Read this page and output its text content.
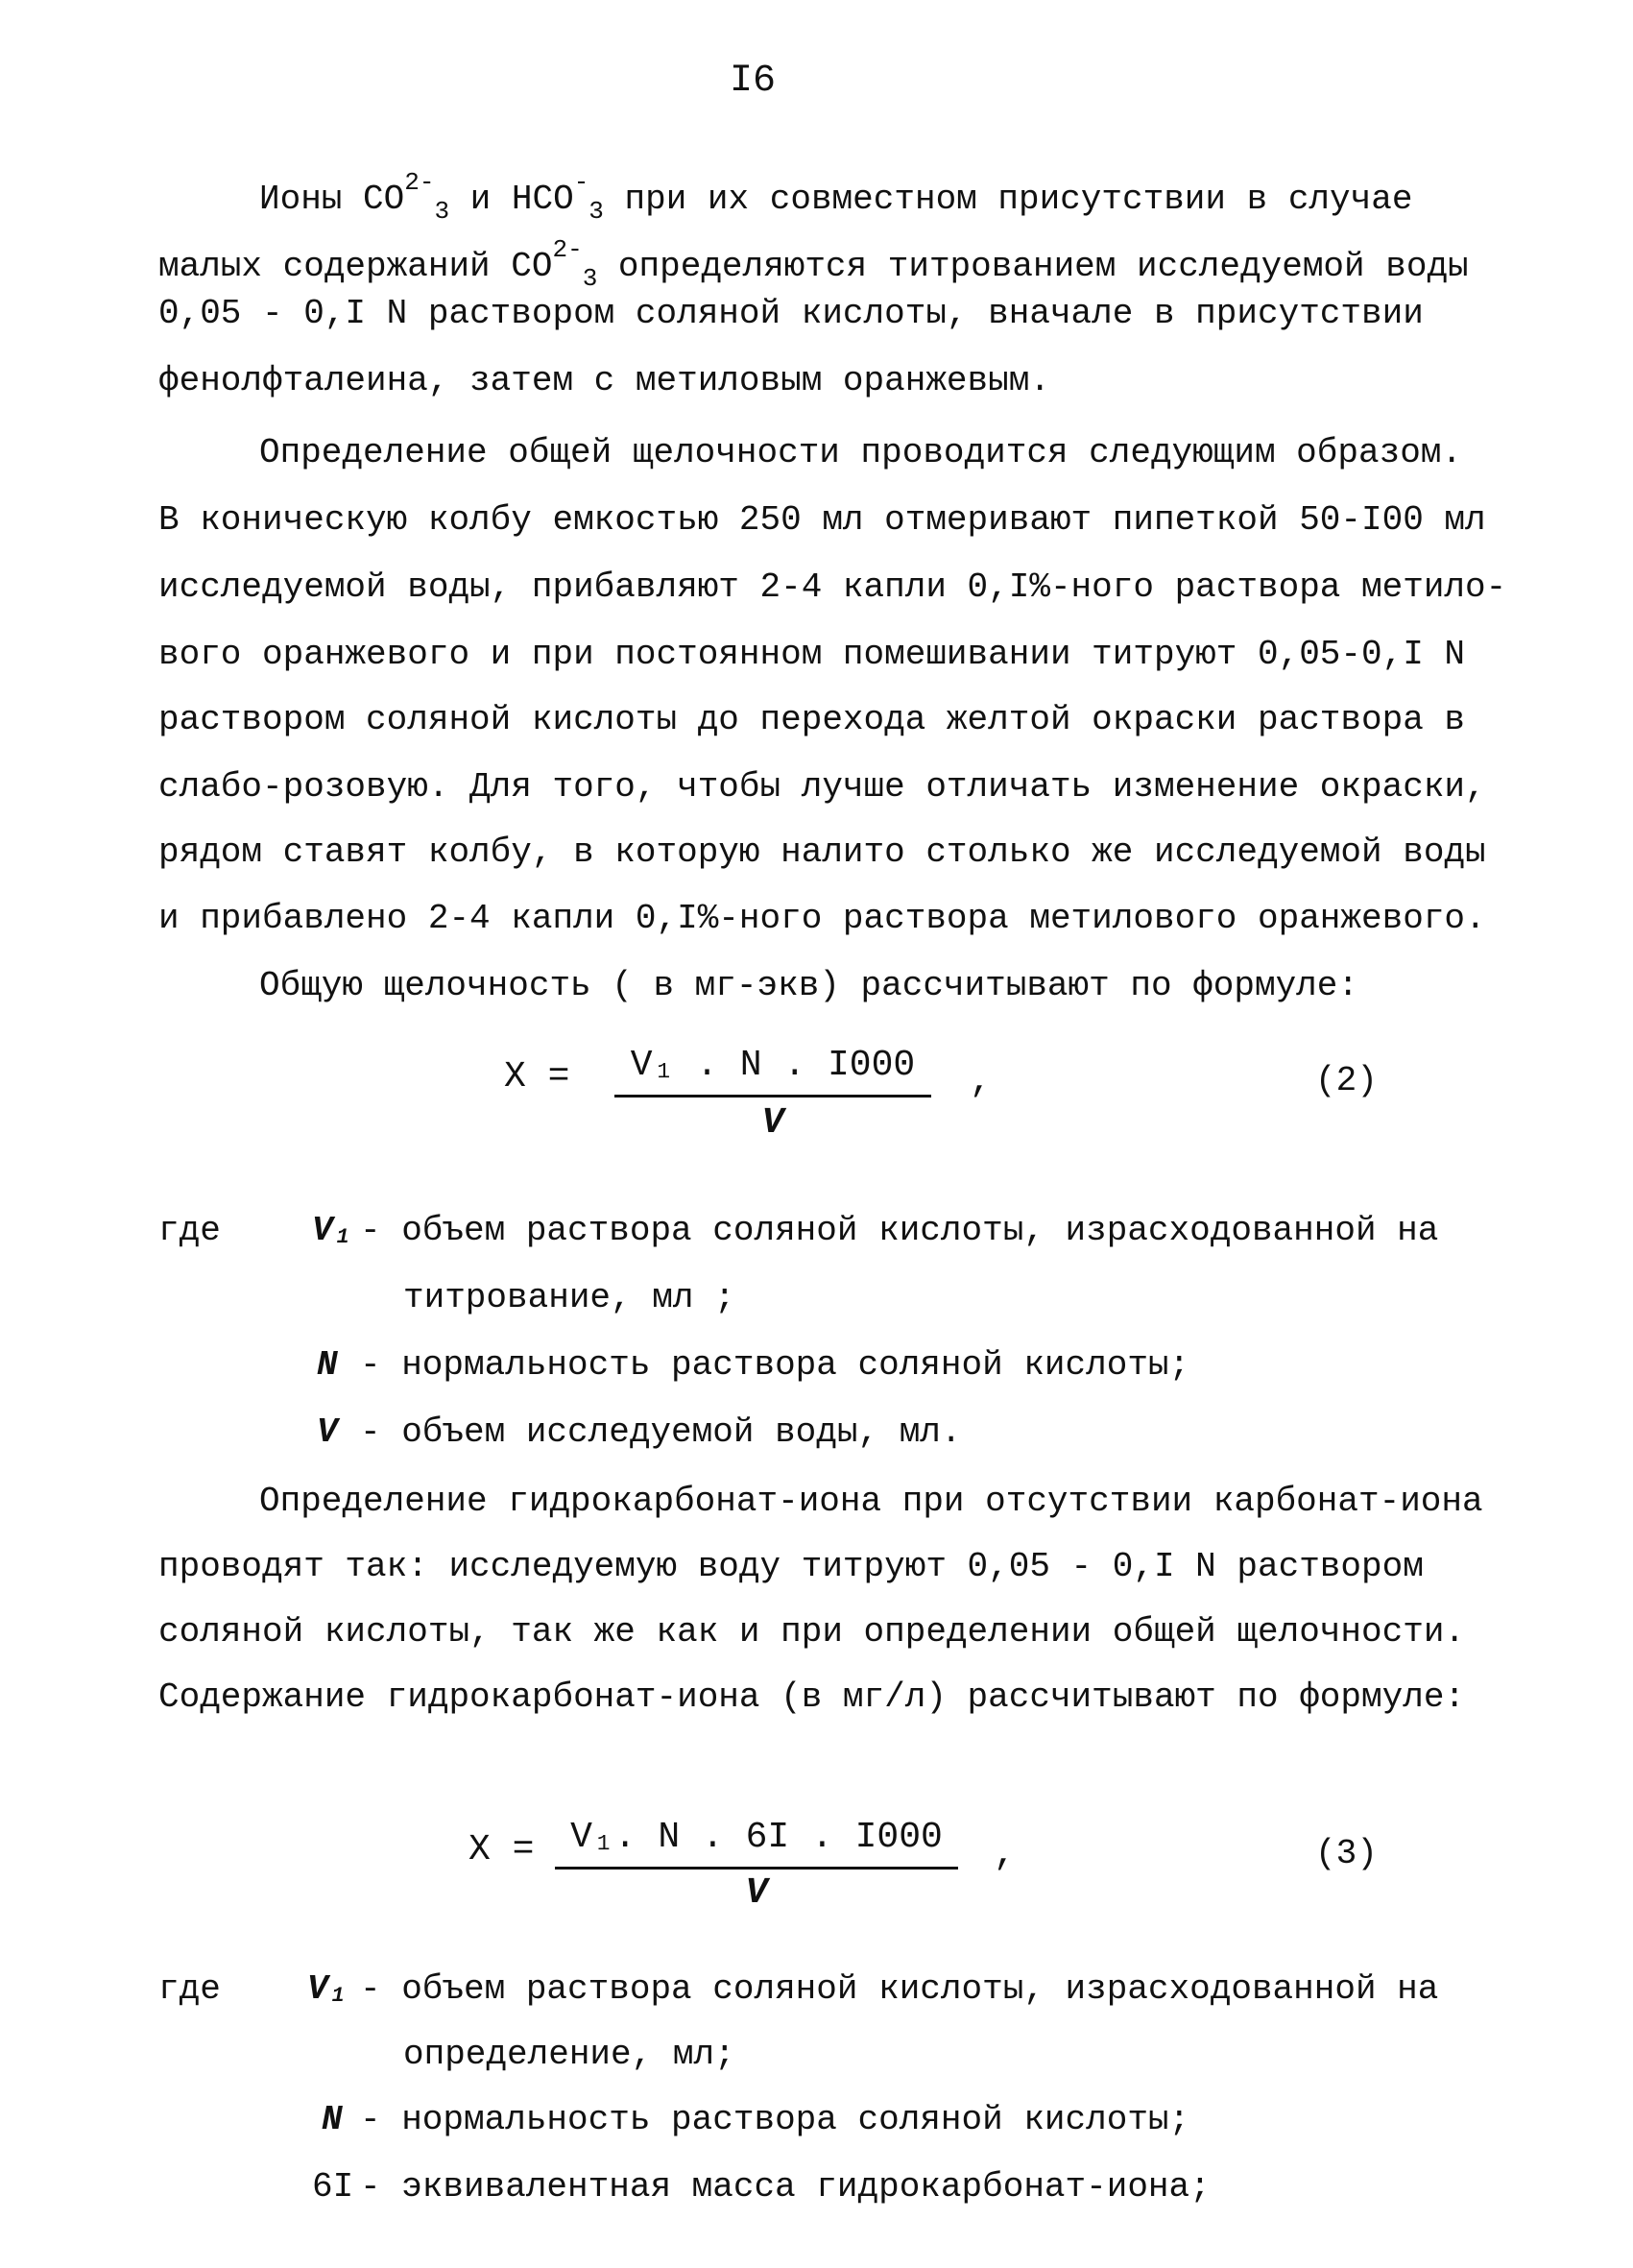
I6
Ионы $CO^{2-}_3$ и $HCO^-_3$ при их совместном присутствии в случае
малых содержаний $CO^{2-}_3$ определяются титрованием исследуемой воды
0,05 - 0,I N раствором соляной кислоты, вначале в присутствии
фенолфталеина, затем с метиловым оранжевым.
Определение общей щелочности проводится следующим образом.
В коническую колбу емкостью 250 мл отмеривают пипеткой 50-I00 мл
исследуемой воды, прибавляют 2-4 капли 0,I%-ного раствора метило-
вого оранжевого и при постоянном помешивании титруют 0,05-0,I N
раствором соляной кислоты до перехода желтой окраски раствора в
слабо-розовую. Для того, чтобы лучше отличать изменение окраски,
рядом ставят колбу, в которую налито столько же исследуемой воды
и прибавлено 2-4 капли 0,I%-ного раствора метилового оранжевого.
Общую щелочность ( в мг-экв) рассчитывают по формуле:
X =	V₁ . N . I000
V
,	(2)
где	V₁ - объем раствора соляной кислоты, израсходованной на
титрование, мл ;
N - нормальность раствора соляной кислоты;
V - объем исследуемой воды, мл.
Определение гидрокарбонат-иона при отсутствии карбонат-иона
проводят так: исследуемую воду титруют 0,05 - 0,I N раствором
соляной кислоты, так же как и при определении общей щелочности.
Содержание гидрокарбонат-иона (в мг/л) рассчитывают по формуле:
X = V₁. N . 6I . I000
V
,	(3)
где	V₁ - объем раствора соляной кислоты, израсходованной на
определение, мл;
N - нормальность раствора соляной кислоты;
6I - эквивалентная масса гидрокарбонат-иона;
